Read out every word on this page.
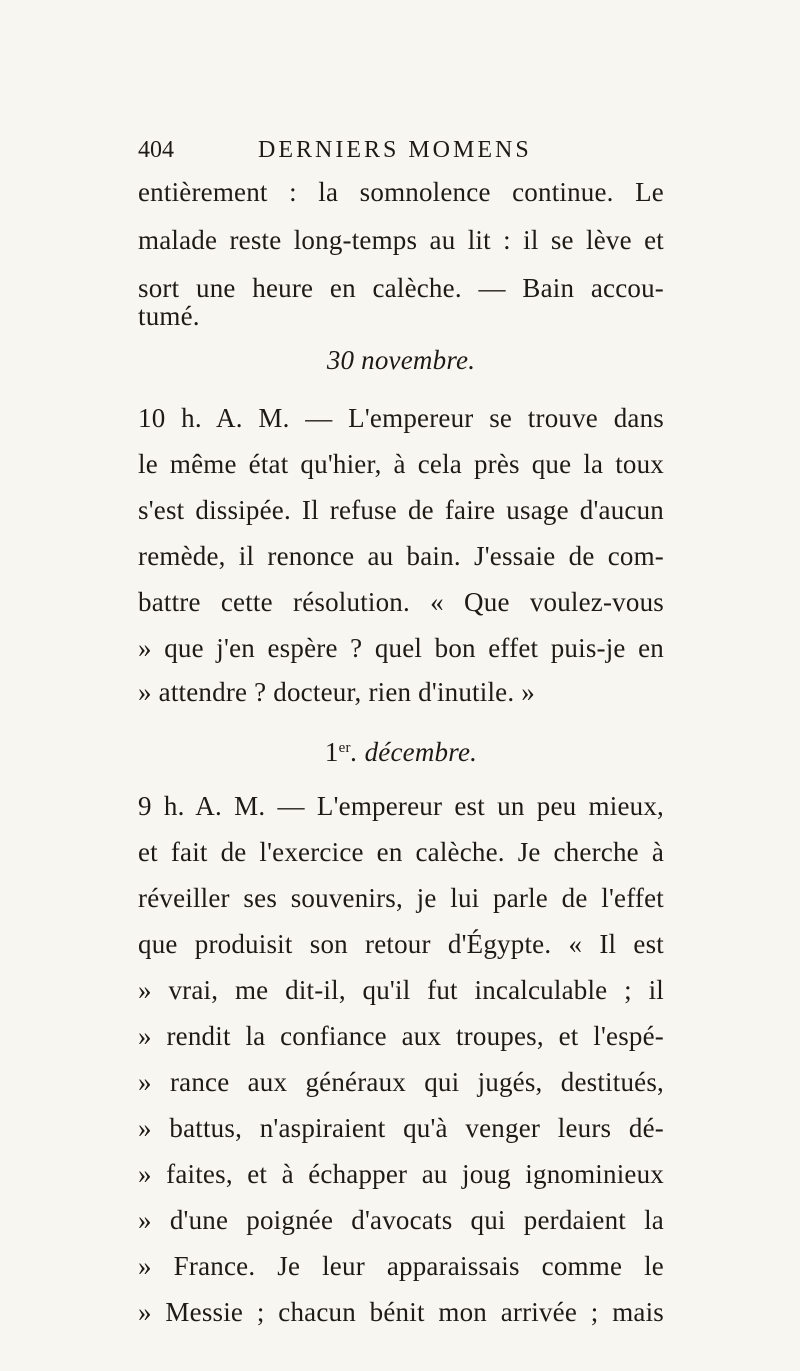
404	DERNIERS MOMENS
entièrement : la somnolence continue. Le
malade reste long-temps au lit : il se lève et
sort une heure en calèche. — Bain accou-
tumé.
30 novembre.
10 h. A. M. — L'empereur se trouve dans
le même état qu'hier, à cela près que la toux
s'est dissipée. Il refuse de faire usage d'aucun
remède, il renonce au bain. J'essaie de com-
battre cette résolution. « Que voulez-vous
» que j'en espère ? quel bon effet puis-je en
» attendre ? docteur, rien d'inutile. »
1er. décembre.
9 h. A. M. — L'empereur est un peu mieux,
et fait de l'exercice en calèche. Je cherche à
réveiller ses souvenirs, je lui parle de l'effet
que produisit son retour d'Égypte. « Il est
» vrai, me dit-il, qu'il fut incalculable ; il
» rendit la confiance aux troupes, et l'espé-
» rance aux généraux qui jugés, destitués,
» battus, n'aspiraient qu'à venger leurs dé-
» faites, et à échapper au joug ignominieux
» d'une poignée d'avocats qui perdaient la
» France. Je leur apparaissais comme le
» Messie ; chacun bénit mon arrivée ; mais
